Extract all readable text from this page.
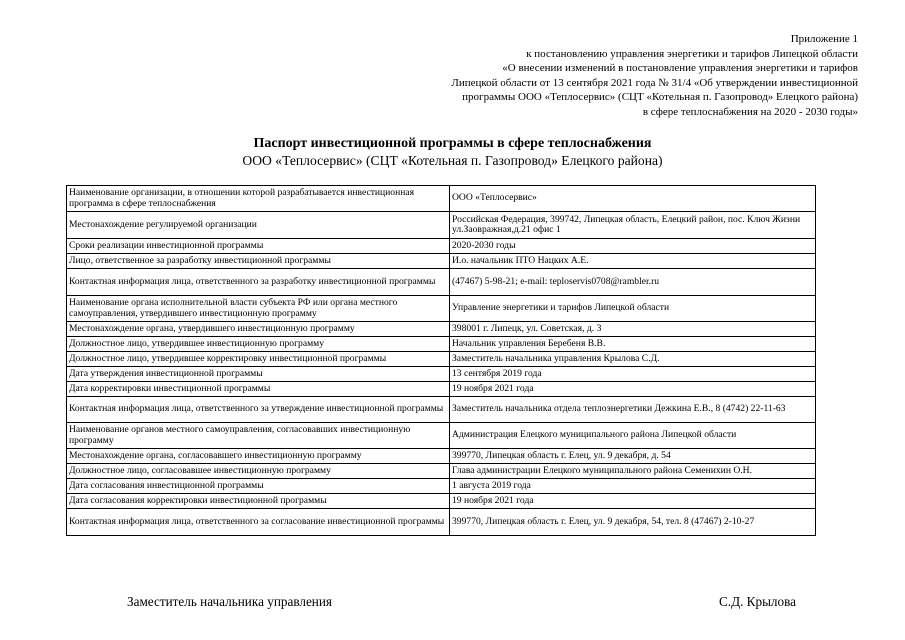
Приложение 1
к постановлению управления энергетики и тарифов Липецкой области
«О внесении изменений в постановление управления энергетики и тарифов
Липецкой области от 13 сентября 2021 года № 31/4 «Об утверждении инвестиционной
программы ООО «Теплосервис» (СЦТ «Котельная п. Газопровод» Елецкого района)
в сфере теплоснабжения на 2020 - 2030 годы»
Паспорт инвестиционной программы в сфере теплоснабжения
ООО «Теплосервис» (СЦТ «Котельная п. Газопровод» Елецкого района)
Наименование организации, в отношении которой разрабатывается инвестиционная программа в сфере теплоснабжения	ООО «Теплосервис»
Местонахождение регулируемой организации	Российская Федерация, 399742, Липецкая область, Елецкий район, пос. Ключ Жизни ул.Заовражная,д.21 офис 1
Сроки реализации инвестиционной программы	2020-2030 годы
Лицо, ответственное за разработку инвестиционной программы	И.о. начальник ПТО Нацких А.Е.
Контактная информация лица, ответственного за разработку инвестиционной программы	(47467) 5-98-21; e-mail: teploservis0708@rambler.ru
Наименование органа исполнительной власти субъекта РФ или органа местного самоуправления, утвердившего инвестиционную программу	Управление энергетики и тарифов Липецкой области
Местонахождение органа, утвердившего инвестиционную программу	398001 г. Липецк, ул. Советская, д. 3
Должностное лицо, утвердившее инвестиционную программу	Начальник управления Беребеня В.В.
Должностное лицо, утвердившее корректировку инвестиционной программы	Заместитель начальника управления Крылова С.Д.
Дата утверждения инвестиционной программы	13 сентября 2019 года
Дата корректировки инвестиционной программы	19 ноября 2021 года
Контактная информация лица, ответственного за утверждение инвестиционной программы	Заместитель начальника отдела теплоэнергетики Дежкина Е.В., 8 (4742) 22-11-63
Наименование органов местного самоуправления, согласовавших инвестиционную программу	Администрация Елецкого муниципального района Липецкой области
Местонахождение органа, согласовавшего инвестиционную программу	399770, Липецкая область г. Елец, ул. 9 декабря, д. 54
Должностное лицо, согласовавшее инвестиционную программу	Глава администрации Елецкого муниципального района Семенихин О.Н.
Дата согласования инвестиционной программы	1 августа 2019 года
Дата согласования корректировки инвестиционной программы	19 ноября 2021 года
Контактная информация лица, ответственного за согласование инвестиционной программы	399770, Липецкая область г. Елец, ул. 9 декабря, 54, тел. 8 (47467) 2-10-27
Заместитель начальника управления	С.Д. Крылова
